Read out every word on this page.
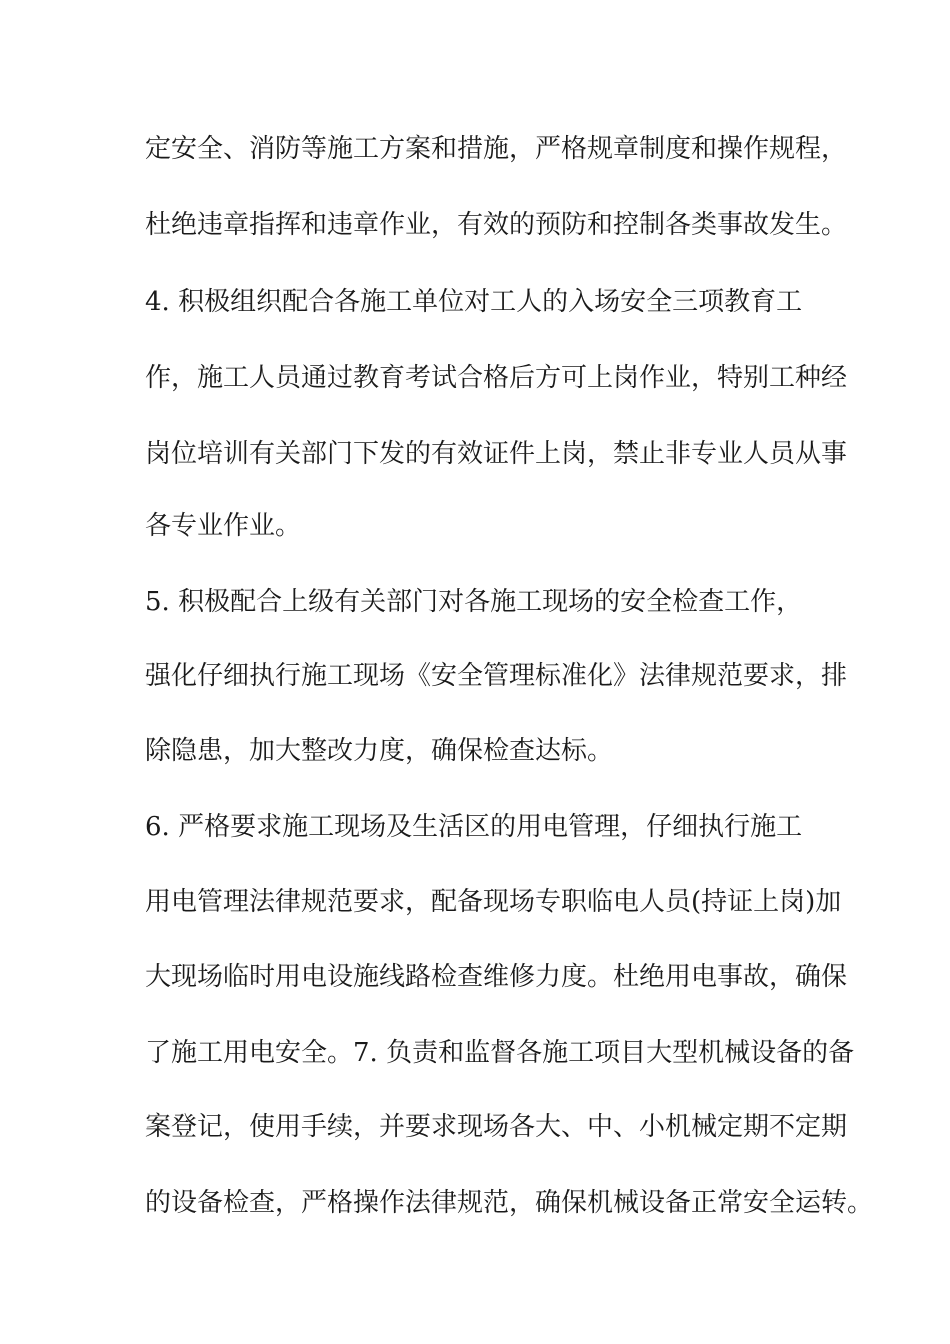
定安全、消防等施工方案和措施，严格规章制度和操作规程，
杜绝违章指挥和违章作业，有效的预防和控制各类事故发生。
4. 积极组织配合各施工单位对工人的入场安全三项教育工
作，施工人员通过教育考试合格后方可上岗作业，特别工种经
岗位培训有关部门下发的有效证件上岗，禁止非专业人员从事
各专业作业。
5. 积极配合上级有关部门对各施工现场的安全检查工作，
强化仔细执行施工现场《安全管理标准化》法律规范要求，排
除隐患，加大整改力度，确保检查达标。
6. 严格要求施工现场及生活区的用电管理，仔细执行施工
用电管理法律规范要求，配备现场专职临电人员(持证上岗)加
大现场临时用电设施线路检查维修力度。杜绝用电事故，确保
了施工用电安全。7. 负责和监督各施工项目大型机械设备的备
案登记，使用手续，并要求现场各大、中、小机械定期不定期
的设备检查，严格操作法律规范，确保机械设备正常安全运转。
